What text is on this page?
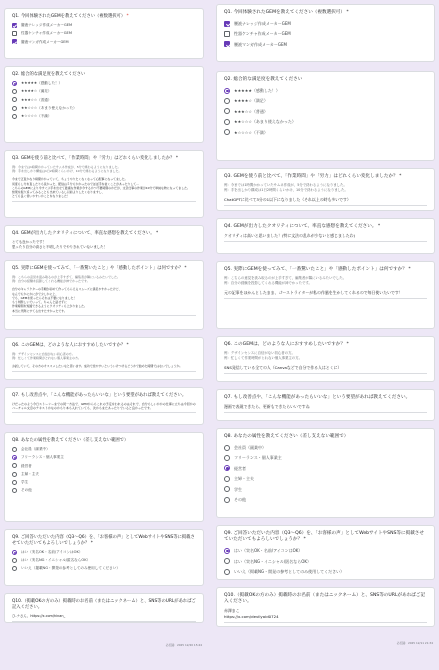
Q1. 今回体験されたGEMを教えてください（複数選択可） *
腰液ナレッジ作成メーカーGEM
性器ケンチャ作成メーカーGEM
腰液マンガ作成メーカーGEM
Q2. 総合的な満足度を教えてください
★★★★★（感動した！）
★★★★☆（満足）
★★★☆☆（普通）
★★☆☆☆（あまり使えなかった）
★☆☆☆☆（不満）
Q3. GEMを使う前と比べて、「作業時間」や「労力」はどれくらい変化しましたか？ *
例：今までは1時間かかっていたサムネ作成が、5分で終わるようになりました。
例：手を出しかり構成は1日2時間くらいかけ、10分で終わるようになりました。
今まで正直かなり時間かかっていて、ちょうやりたくなくなって心配事になってました。
何度もし分を直したりも長かった、配信は５分もかかったのでほぼ手を抜くことがあったりして...
こちらのGEMにより今すぐぶ手を出せて最適な作業が今するかつ不要時間のかだが、文章仕事の作業が10分で単純な物になってました。
結果を振り返ってみることも出来ているし以前よりしたくなりますし、
とても良く使いやすいかことをなりました！
Q4. GEMが出力したクオリティについて、率直な感想を教えてください。 *
とても良かったです！
思ったり自分の高さと不明したりでやりきれていないました！
Q5. 実際にGEMを使ってみて、「一番驚いたこと」や「感動したポイント」は何ですか？ *
例：こちらの意見を汲み取るのが上手すぎて、編集者が隣にいるみたいでした。
例：自分の経験を投影してくれる機能が神でかったです。
自分のキャラクターの手順が初めて作ってもらえるスムーズに満足やすかったけど、
なんでもかにかにがで少しかに上、
でも、GEMを使ったらそれは不要になりました！
もう判断しいでいって、ちゃんと話せずに
作業時間を短縮できるようにクオリティも上がりました。
本当に実際にすてる出すたすかったです。
Q6. このGEMは、どのような人におすすめしたいですか？ *
例：デザインセンスに自信がない初心者の方。
例：忙しくて作業時間がとれない個人事業主の方。
お試していて、その方のオススメしたいなと思います。成功で逆やすいといういけつけるどうかで始めた時間ではないでしょうか。
Q7. もし改善点や、「こんな機能があったらいいな」という要望があれば教えてください。
けだったのよう今日ストーリーまでの同一方法で、GEMからもこれの予定をわれるのはそれで、自分もしいかかの仕事に立ちは今回かのバーチャル文章のテキストかなのかもり本も入れていても、次かもまたあったりでいると良かったです。
Q8. あなたの属性を教えてください（差し支えない範囲で）
会社員（副業中）
フリーランス・個人事業主
経営者
主婦・主夫
学生
その他
Q9. ご回答いただいた内容（Q3〜Q6）を、「お客様の声」としてWebサイトやSNS等に掲載させていただいてもよろしいでしょうか？ *
はい（実名OK・名前/アイコンはOK）
はい（実名NG・イニシャル/匿名ならOK）
いいえ（掲載NG・開発の参考としてのみ使用してください）
Q10.（掲載OKの方のみ）掲載時のお名前（またはニックネーム）と、SNS等のURLがあればご記入ください。
ひ-ナさん、https://x.com/hinan_
必記録：2025 12/20 15:44
Q1. 今回体験されたGEMを教えてください（複数選択可） *
腰液ナレッジ作成メーカーGEM
性器ケンチャ作成メーカーGEM
腰液マンガ作成メーカーGEM
Q2. 総合的な満足度を教えてください
★★★★★（感動した！）
★★★★☆（満足）
★★★☆☆（普通）
★★☆☆☆（あまり使えなかった）
★☆☆☆☆（不満）
Q3. GEMを使う前と比べて、「作業時間」や「労力」はどれくらい変化しましたか？ *
例：今までは1時間かかっていたサムネ作成が、5分で終わるようになりました。
例：手を出しかり構成は1日2時間くらいかけ、10分で終わるようになりました。
ChatGPTに比べて3分の1以下になりました（それ以上の時も多いです）
Q4. GEMが出力したクオリティについて、率直な感想を教えてください。 *
クオリティは高いと思いました！(特に文法の乱れが少ないと感じましたわ)
Q5. 実際にGEMを使ってみて、「一番驚いたこと」や「感動したポイント」は何ですか？ *
例：こちらの意見を汲み取るのが上手すぎて、編集者が隣にいるみたいでした。
例：自分の経験を投影してくれる機能が神でかったです。
元の記事をほかんとしたまま、ゴーストライターが私の作風を生かしてくれるので毎日使いたいです！
Q6. このGEMは、どのような人におすすめしたいですか？ *
例：デザインセンスに自信がない初心者の方。
例：忙しくて作業時間がとれない個人事業主の方。
SNS発信している全ての人（Canvaなどで自分で作る人はとくに）
Q7. もし改善点や、「こんな機能があったらいいな」という要望があれば教えてください。
漫画で表現できたら、更新もできたらいいですね
Q8. あなたの属性を教えてください（差し支えない範囲で）
会社員（副業中）
フリーランス・個人事業主
経営者
主婦・主夫
学生
その他
Q9. ご回答いただいた内容（Q3〜Q6）を、「お客様の声」としてWebサイトやSNS等に掲載させていただいてもよろしいでしょうか？ *
はい（実名OK・名前/アイコンはOK）
はい（実名NG・イニシャル/匿名ならOK）
いいえ（掲載NG・開発の参考としてのみ使用してください）
Q10.（掲載OKの方のみ）掲載時のお名前（またはニックネーム）と、SNS等のURLがあればご記入ください。
赤澤まこ
https://x.com/devilyoid0724
必記録：2025 12/11 21:34
